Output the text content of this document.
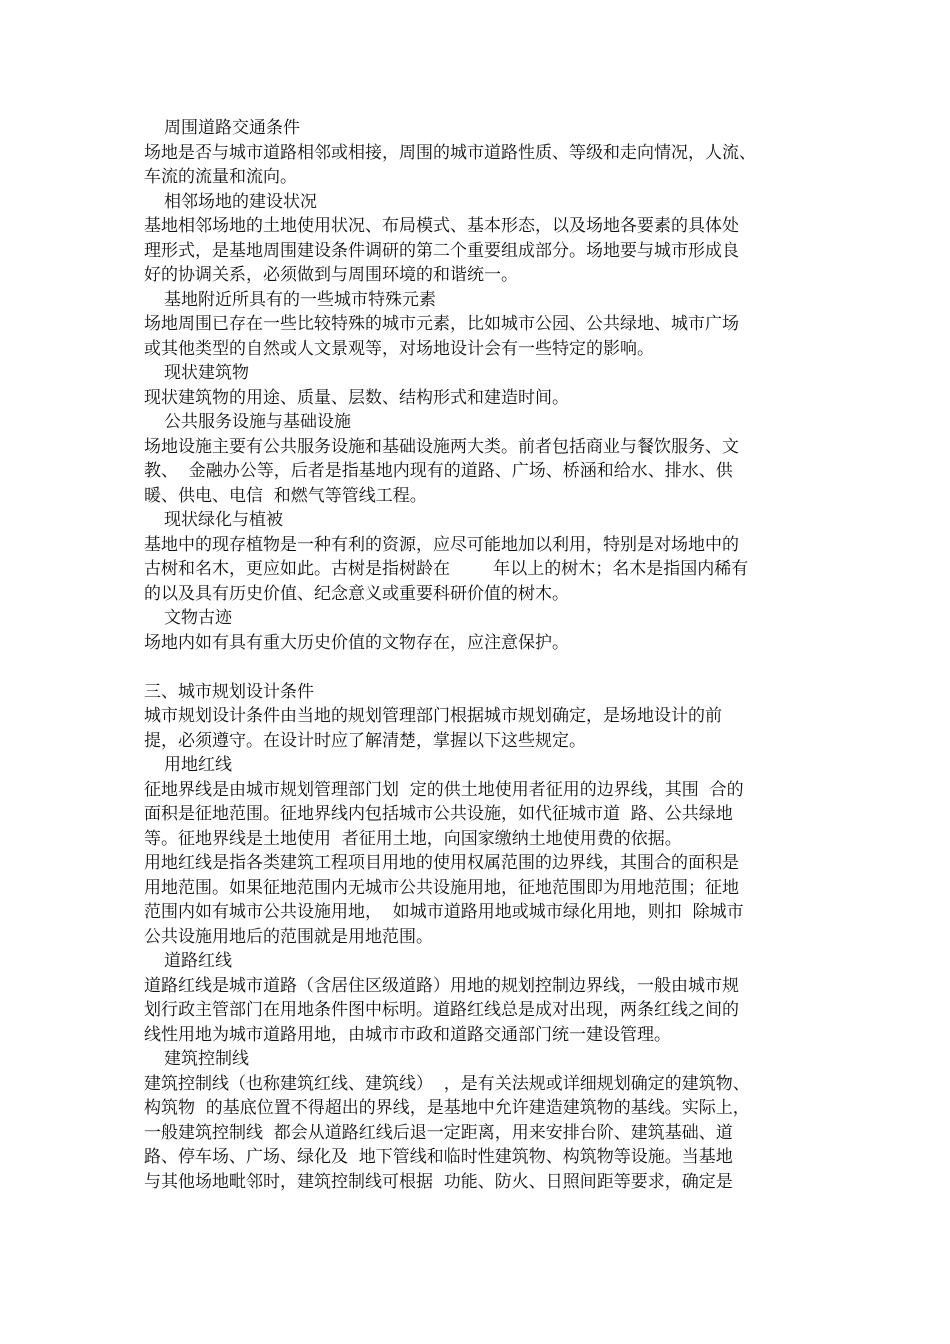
周围道路交通条件
场地是否与城市道路相邻或相接，周围的城市道路性质、等级和走向情况，人流、
车流的流量和流向。
相邻场地的建设状况
基地相邻场地的土地使用状况、布局模式、基本形态，以及场地各要素的具体处
理形式，是基地周围建设条件调研的第二个重要组成部分。场地要与城市形成良
好的协调关系，必须做到与周围环境的和谐统一。
基地附近所具有的一些城市特殊元素
场地周围已存在一些比较特殊的城市元素，比如城市公园、公共绿地、城市广场
或其他类型的自然或人文景观等，对场地设计会有一些特定的影响。
现状建筑物
现状建筑物的用途、质量、层数、结构形式和建造时间。
公共服务设施与基础设施
场地设施主要有公共服务设施和基础设施两大类。前者包括商业与餐饮服务、文
教、  金融办公等，后者是指基地内现有的道路、广场、桥涵和给水、排水、供
暖、供电、电信  和燃气等管线工程。
现状绿化与植被
基地中的现存植物是一种有利的资源，应尽可能地加以利用，特别是对场地中的
古树和名木，更应如此。古树是指树龄在        年以上的树木；名木是指国内稀有
的以及具有历史价值、纪念意义或重要科研价值的树木。
文物古迹
场地内如有具有重大历史价值的文物存在，应注意保护。
三、城市规划设计条件
城市规划设计条件由当地的规划管理部门根据城市规划确定，是场地设计的前
提，必须遵守。在设计时应了解清楚，掌握以下这些规定。
用地红线
征地界线是由城市规划管理部门划  定的供土地使用者征用的边界线，其围  合的
面积是征地范围。征地界线内包括城市公共设施，如代征城市道  路、公共绿地
等。征地界线是土地使用  者征用土地，向国家缴纳土地使用费的依据。
用地红线是指各类建筑工程项目用地的使用权属范围的边界线，其围合的面积是
用地范围。如果征地范围内无城市公共设施用地，征地范围即为用地范围；征地
范围内如有城市公共设施用地，  如城市道路用地或城市绿化用地，则扣  除城市
公共设施用地后的范围就是用地范围。
道路红线
道路红线是城市道路（含居住区级道路）用地的规划控制边界线，一般由城市规
划行政主管部门在用地条件图中标明。道路红线总是成对出现，两条红线之间的
线性用地为城市道路用地，由城市市政和道路交通部门统一建设管理。
建筑控制线
建筑控制线（也称建筑红线、建筑线）  ，是有关法规或详细规划确定的建筑物、
构筑物  的基底位置不得超出的界线，是基地中允许建造建筑物的基线。实际上，
一般建筑控制线  都会从道路红线后退一定距离，用来安排台阶、建筑基础、道
路、停车场、广场、绿化及  地下管线和临时性建筑物、构筑物等设施。当基地
与其他场地毗邻时，建筑控制线可根据  功能、防火、日照间距等要求，确定是
